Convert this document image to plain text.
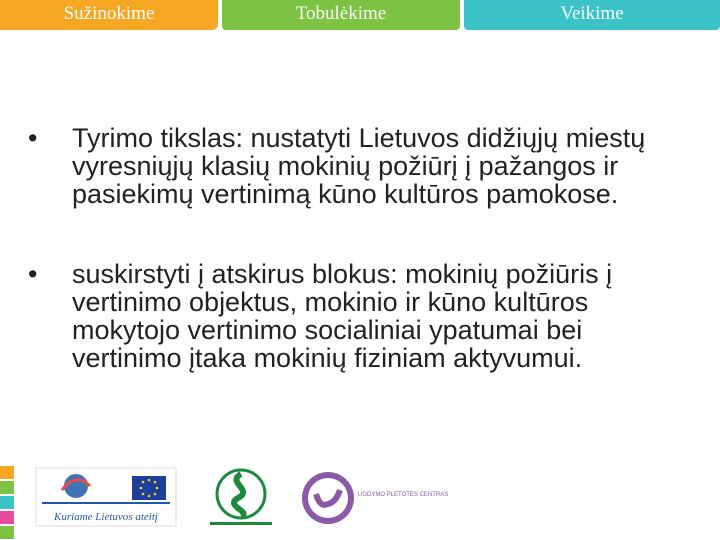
Sužinokime	Tobulėkime	Veikime
• Tyrimo tikslas: nustatyti Lietuvos didžiųjų miestų vyresniųjų klasių mokinių požiūrį į pažangos ir pasiekimų vertinimą kūno kultūros pamokose.
• suskirstyti į atskirus blokus: mokinių požiūris į vertinimo objektus, mokinio ir kūno kultūros mokytojo vertinimo socialiniai ypatumai bei vertinimo įtaka mokinių fiziniam aktyvumui.
Kuriame Lietuvos ateitį
UGDYMO PLĖTOTĖS CENTRAS
